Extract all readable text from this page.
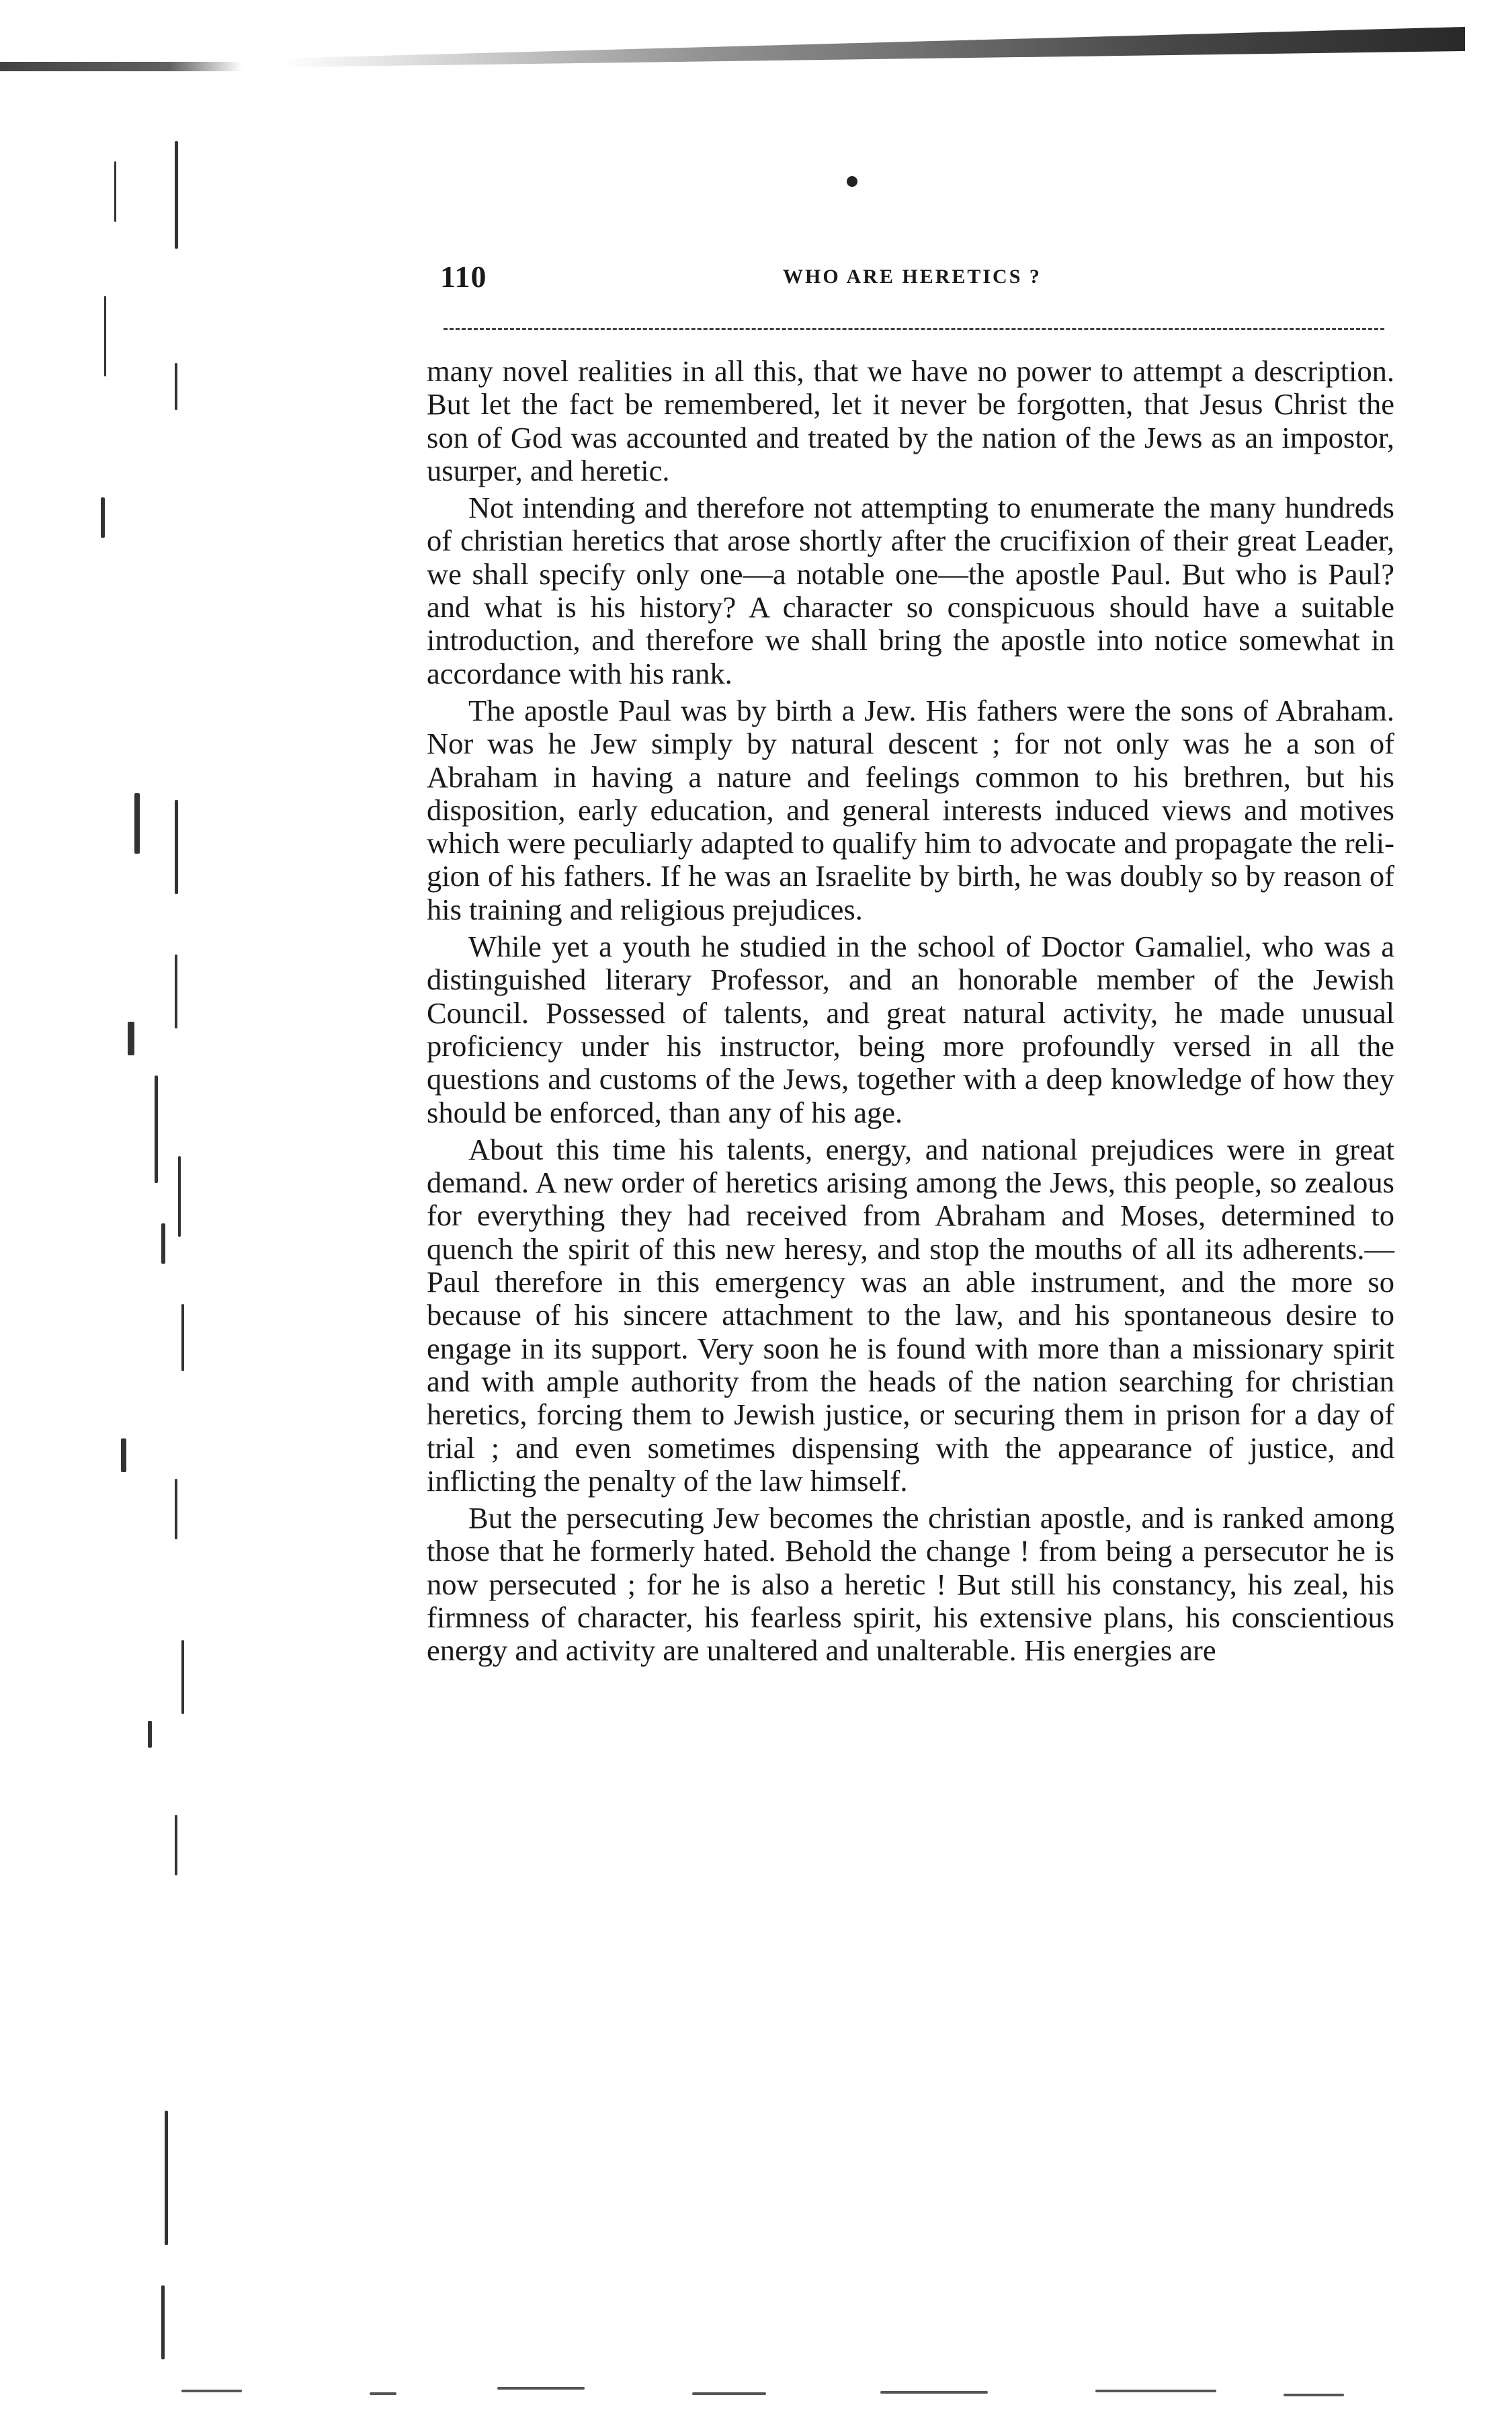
110	WHO ARE HERETICS ?

many novel realities in all this, that we have no power to attempt a description. But let the fact be remembered, let it never be forgotten, that Jesus Christ the son of God was accounted and treated by the nation of the Jews as an impostor, usurper, and heretic.

Not intending and therefore not attempting to enumerate the many hundreds of christian heretics that arose shortly after the crucifixion of their great Leader, we shall specify only one—a notable one—the apostle Paul. But who is Paul? and what is his history? A character so conspicuous should have a suitable introduction, and therefore we shall bring the apostle into notice somewhat in accordance with his rank.

The apostle Paul was by birth a Jew. His fathers were the sons of Abraham. Nor was he Jew simply by natural descent ; for not only was he a son of Abraham in having a nature and feelings common to his brethren, but his disposition, early education, and general interests induced views and motives which were peculiarly adapted to qualify him to advocate and propagate the religion of his fathers. If he was an Israelite by birth, he was doubly so by reason of his training and religious prejudices.

While yet a youth he studied in the school of Doctor Gamaliel, who was a distinguished literary Professor, and an honorable member of the Jewish Council. Possessed of talents, and great natural activity, he made unusual proficiency under his instructor, being more profoundly versed in all the questions and customs of the Jews, together with a deep knowledge of how they should be enforced, than any of his age.

About this time his talents, energy, and national prejudices were in great demand. A new order of heretics arising among the Jews, this people, so zealous for everything they had received from Abraham and Moses, determined to quench the spirit of this new heresy, and stop the mouths of all its adherents.— Paul therefore in this emergency was an able instrument, and the more so because of his sincere attachment to the law, and his spontaneous desire to engage in its support. Very soon he is found with more than a missionary spirit and with ample authority from the heads of the nation searching for christian heretics, forcing them to Jewish justice, or securing them in prison for a day of trial ; and even sometimes dispensing with the appearance of justice, and inflicting the penalty of the law himself.

But the persecuting Jew becomes the christian apostle, and is ranked among those that he formerly hated. Behold the change ! from being a persecutor he is now persecuted ; for he is also a heretic ! But still his constancy, his zeal, his firmness of character, his fearless spirit, his extensive plans, his conscientious energy and activity are unaltered and unalterable. His energies are
